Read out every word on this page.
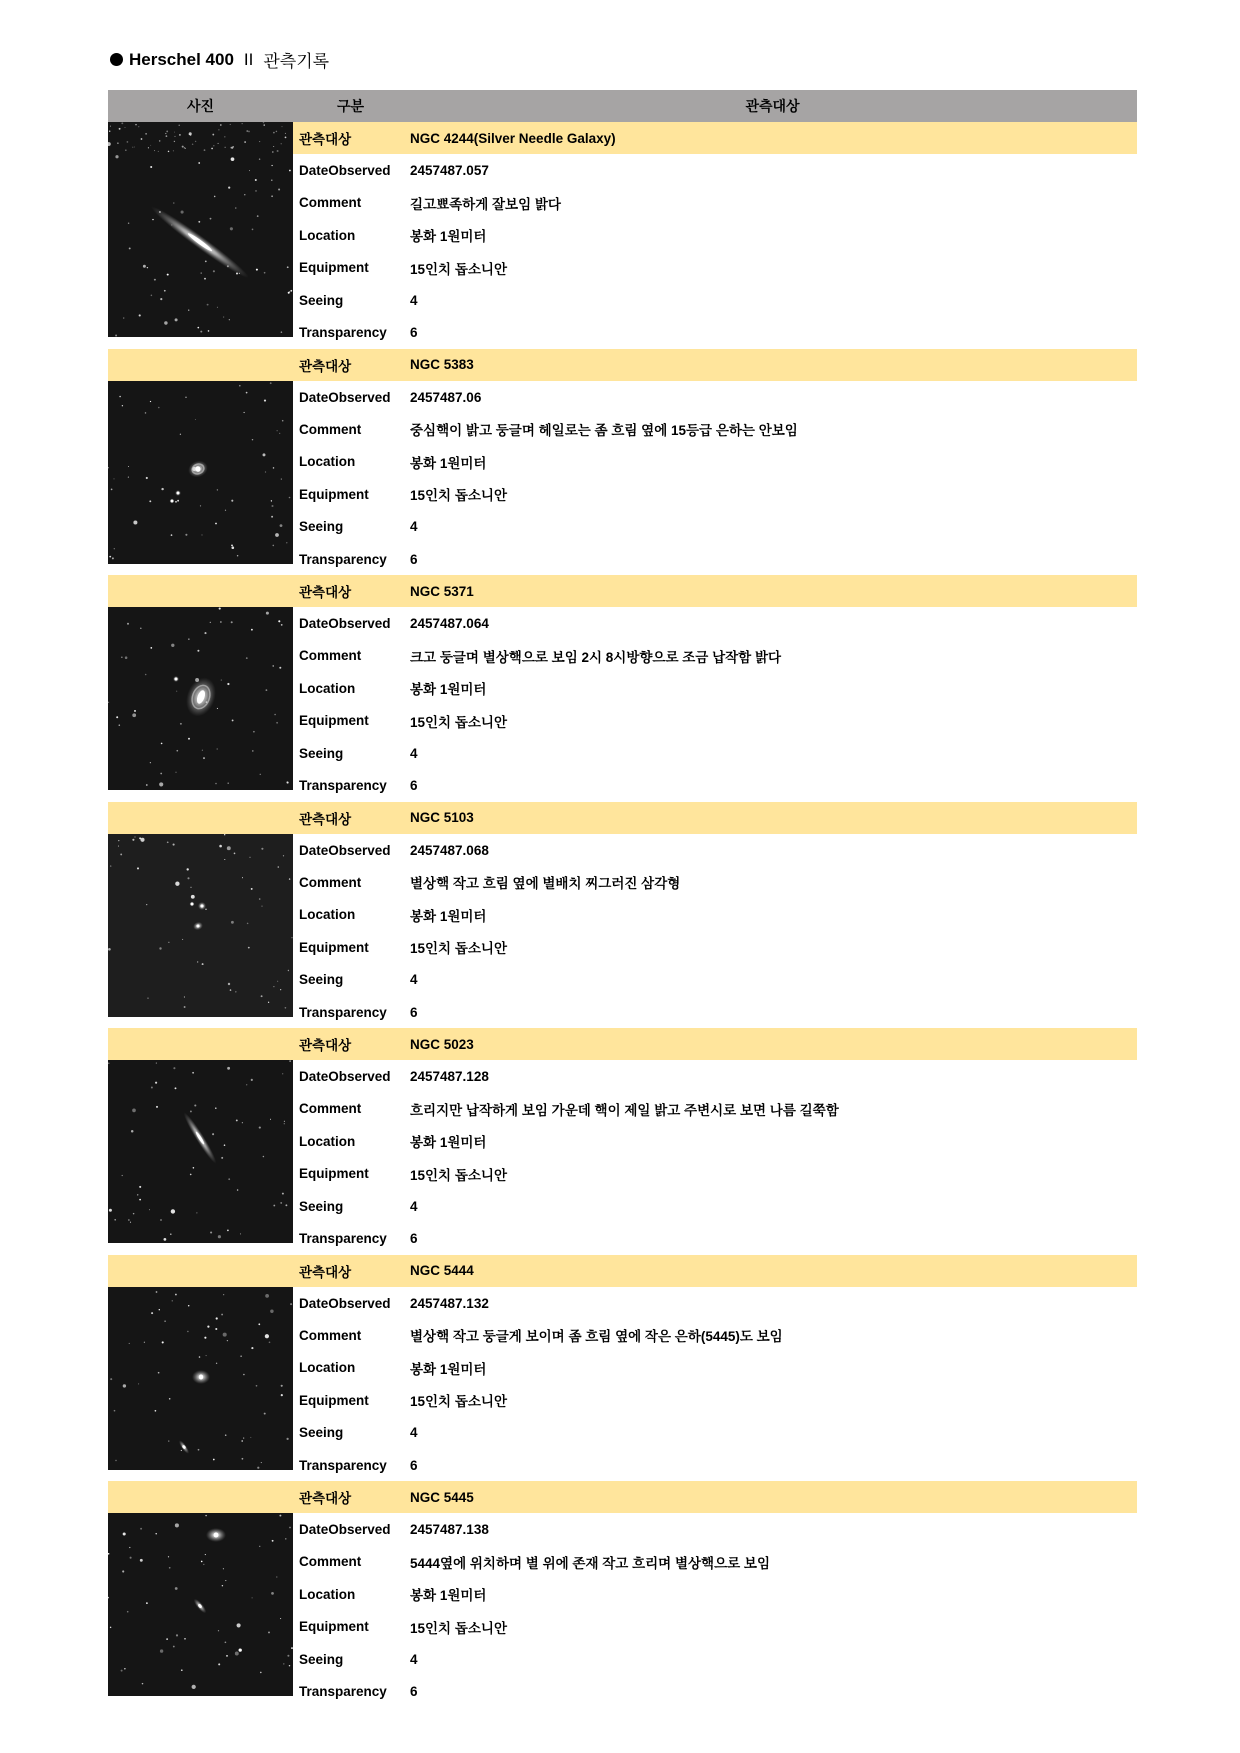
Herschel 400 II 관측기록
사진	구분	관측대상
관측대상	NGC 4244(Silver Needle Galaxy)
DateObserved 2457487.057
Comment	길고뾰족하게 잘보임 밝다
Location	봉화 1원미터
Equipment	15인치 돕소니안
Seeing	4
Transparency 6
관측대상	NGC 5383
DateObserved 2457487.06
Comment	중심핵이 밝고 둥글며 헤일로는 좀 흐림 옆에 15등급 은하는 안보임
Location	봉화 1원미터
Equipment	15인치 돕소니안
Seeing	4
Transparency 6
관측대상	NGC 5371
DateObserved 2457487.064
Comment	크고 둥글며 별상핵으로 보임 2시 8시방향으로 조금 납작함 밝다
Location	봉화 1원미터
Equipment	15인치 돕소니안
Seeing	4
Transparency 6
관측대상	NGC 5103
DateObserved 2457487.068
Comment	별상핵 작고 흐림 옆에 별배치 찌그러진 삼각형
Location	봉화 1원미터
Equipment	15인치 돕소니안
Seeing	4
Transparency 6
관측대상	NGC 5023
DateObserved 2457487.128
Comment	흐리지만 납작하게 보임 가운데 핵이 제일 밝고 주변시로 보면 나름 길쭉함
Location	봉화 1원미터
Equipment	15인치 돕소니안
Seeing	4
Transparency 6
관측대상	NGC 5444
DateObserved 2457487.132
Comment	별상핵 작고 둥글게 보이며 좀 흐림 옆에 작은 은하(5445)도 보임
Location	봉화 1원미터
Equipment	15인치 돕소니안
Seeing	4
Transparency 6
관측대상	NGC 5445
DateObserved 2457487.138
Comment	5444옆에 위치하며 별 위에 존재 작고 흐리며 별상핵으로 보임
Location	봉화 1원미터
Equipment	15인치 돕소니안
Seeing	4
Transparency 6
